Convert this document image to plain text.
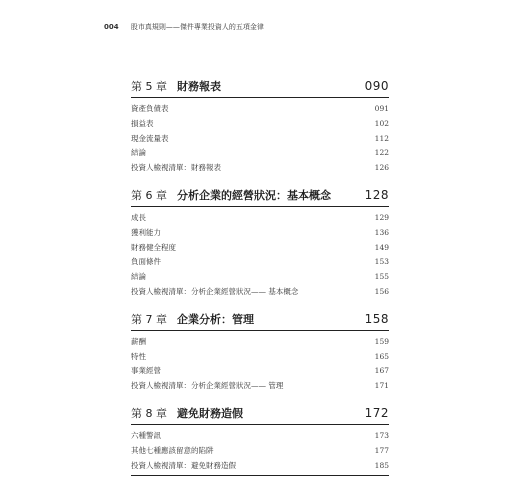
004 股市真規則——傑件專業投資人的五項金律
第 5 章 財務報表	090
資產負債表	091
損益表	102
現金流量表	112
結論	122
投資人檢視清單：財務報表	126
第 6 章 分析企業的經營狀況：基本概念	128
成長	129
獲利能力	136
財務健全程度	149
負面條件	153
結論	155
投資人檢視清單：分析企業經營狀況—— 基本概念	156
第 7 章 企業分析：管理	158
薪酬	159
特性	165
事業經營	167
投資人檢視清單：分析企業經營狀況—— 管理	171
第 8 章 避免財務造假	172
六種警訊	173
其他七種應該留意的陷阱	177
投資人檢視清單：避免財務造假	185
